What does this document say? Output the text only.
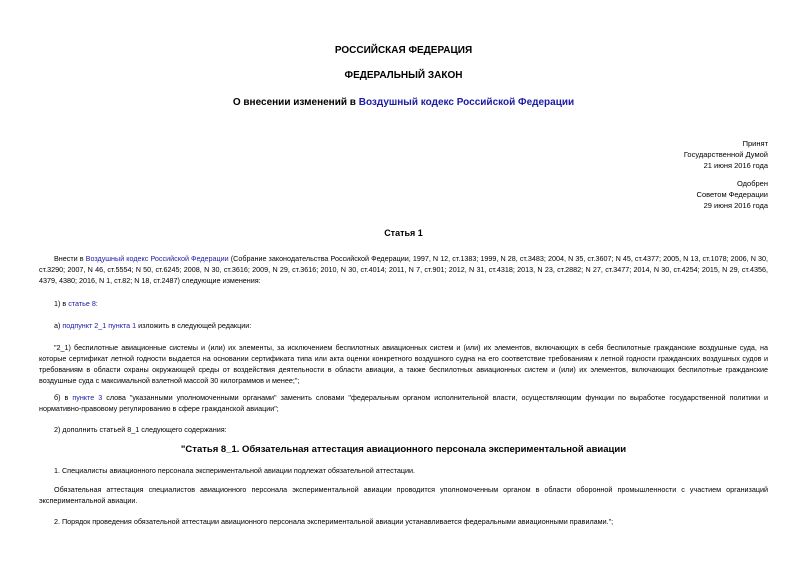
РОССИЙСКАЯ ФЕДЕРАЦИЯ
ФЕДЕРАЛЬНЫЙ ЗАКОН
О внесении изменений в Воздушный кодекс Российской Федерации
Принят
Государственной Думой
21 июня 2016 года
Одобрен
Советом Федерации
29 июня 2016 года
Статья 1
Внести в Воздушный кодекс Российской Федерации (Собрание законодательства Российской Федерации, 1997, N 12, ст.1383; 1999, N 28, ст.3483; 2004, N 35, ст.3607; N 45, ст.4377; 2005, N 13, ст.1078; 2006, N 30, ст.3290; 2007, N 46, ст.5554; N 50, ст.6245; 2008, N 30, ст.3616; 2009, N 29, ст.3616; 2010, N 30, ст.4014; 2011, N 7, ст.901; 2012, N 31, ст.4318; 2013, N 23, ст.2882; N 27, ст.3477; 2014, N 30, ст.4254; 2015, N 29, ст.4356, 4379, 4380; 2016, N 1, ст.82; N 18, ст.2487) следующие изменения:
1) в статье 8:
а) подпункт 2_1 пункта 1 изложить в следующей редакции:
"2_1) беспилотные авиационные системы и (или) их элементы, за исключением беспилотных авиационных систем и (или) их элементов, включающих в себя беспилотные гражданские воздушные суда, на которые сертификат летной годности выдается на основании сертификата типа или акта оценки конкретного воздушного судна на его соответствие требованиям к летной годности гражданских воздушных судов и требованиям в области охраны окружающей среды от воздействия деятельности в области авиации, а также беспилотных авиационных систем и (или) их элементов, включающих беспилотные гражданские воздушные суда с максимальной взлетной массой 30 килограммов и менее;";
б) в пункте 3 слова "указанными уполномоченными органами" заменить словами "федеральным органом исполнительной власти, осуществляющим функции по выработке государственной политики и нормативно-правовому регулированию в сфере гражданской авиации";
2) дополнить статьей 8_1 следующего содержания:
"Статья 8_1. Обязательная аттестация авиационного персонала экспериментальной авиации
1. Специалисты авиационного персонала экспериментальной авиации подлежат обязательной аттестации.
Обязательная аттестация специалистов авиационного персонала экспериментальной авиации проводится уполномоченным органом в области оборонной промышленности с участием организаций экспериментальной авиации.
2. Порядок проведения обязательной аттестации авиационного персонала экспериментальной авиации устанавливается федеральными авиационными правилами.";
